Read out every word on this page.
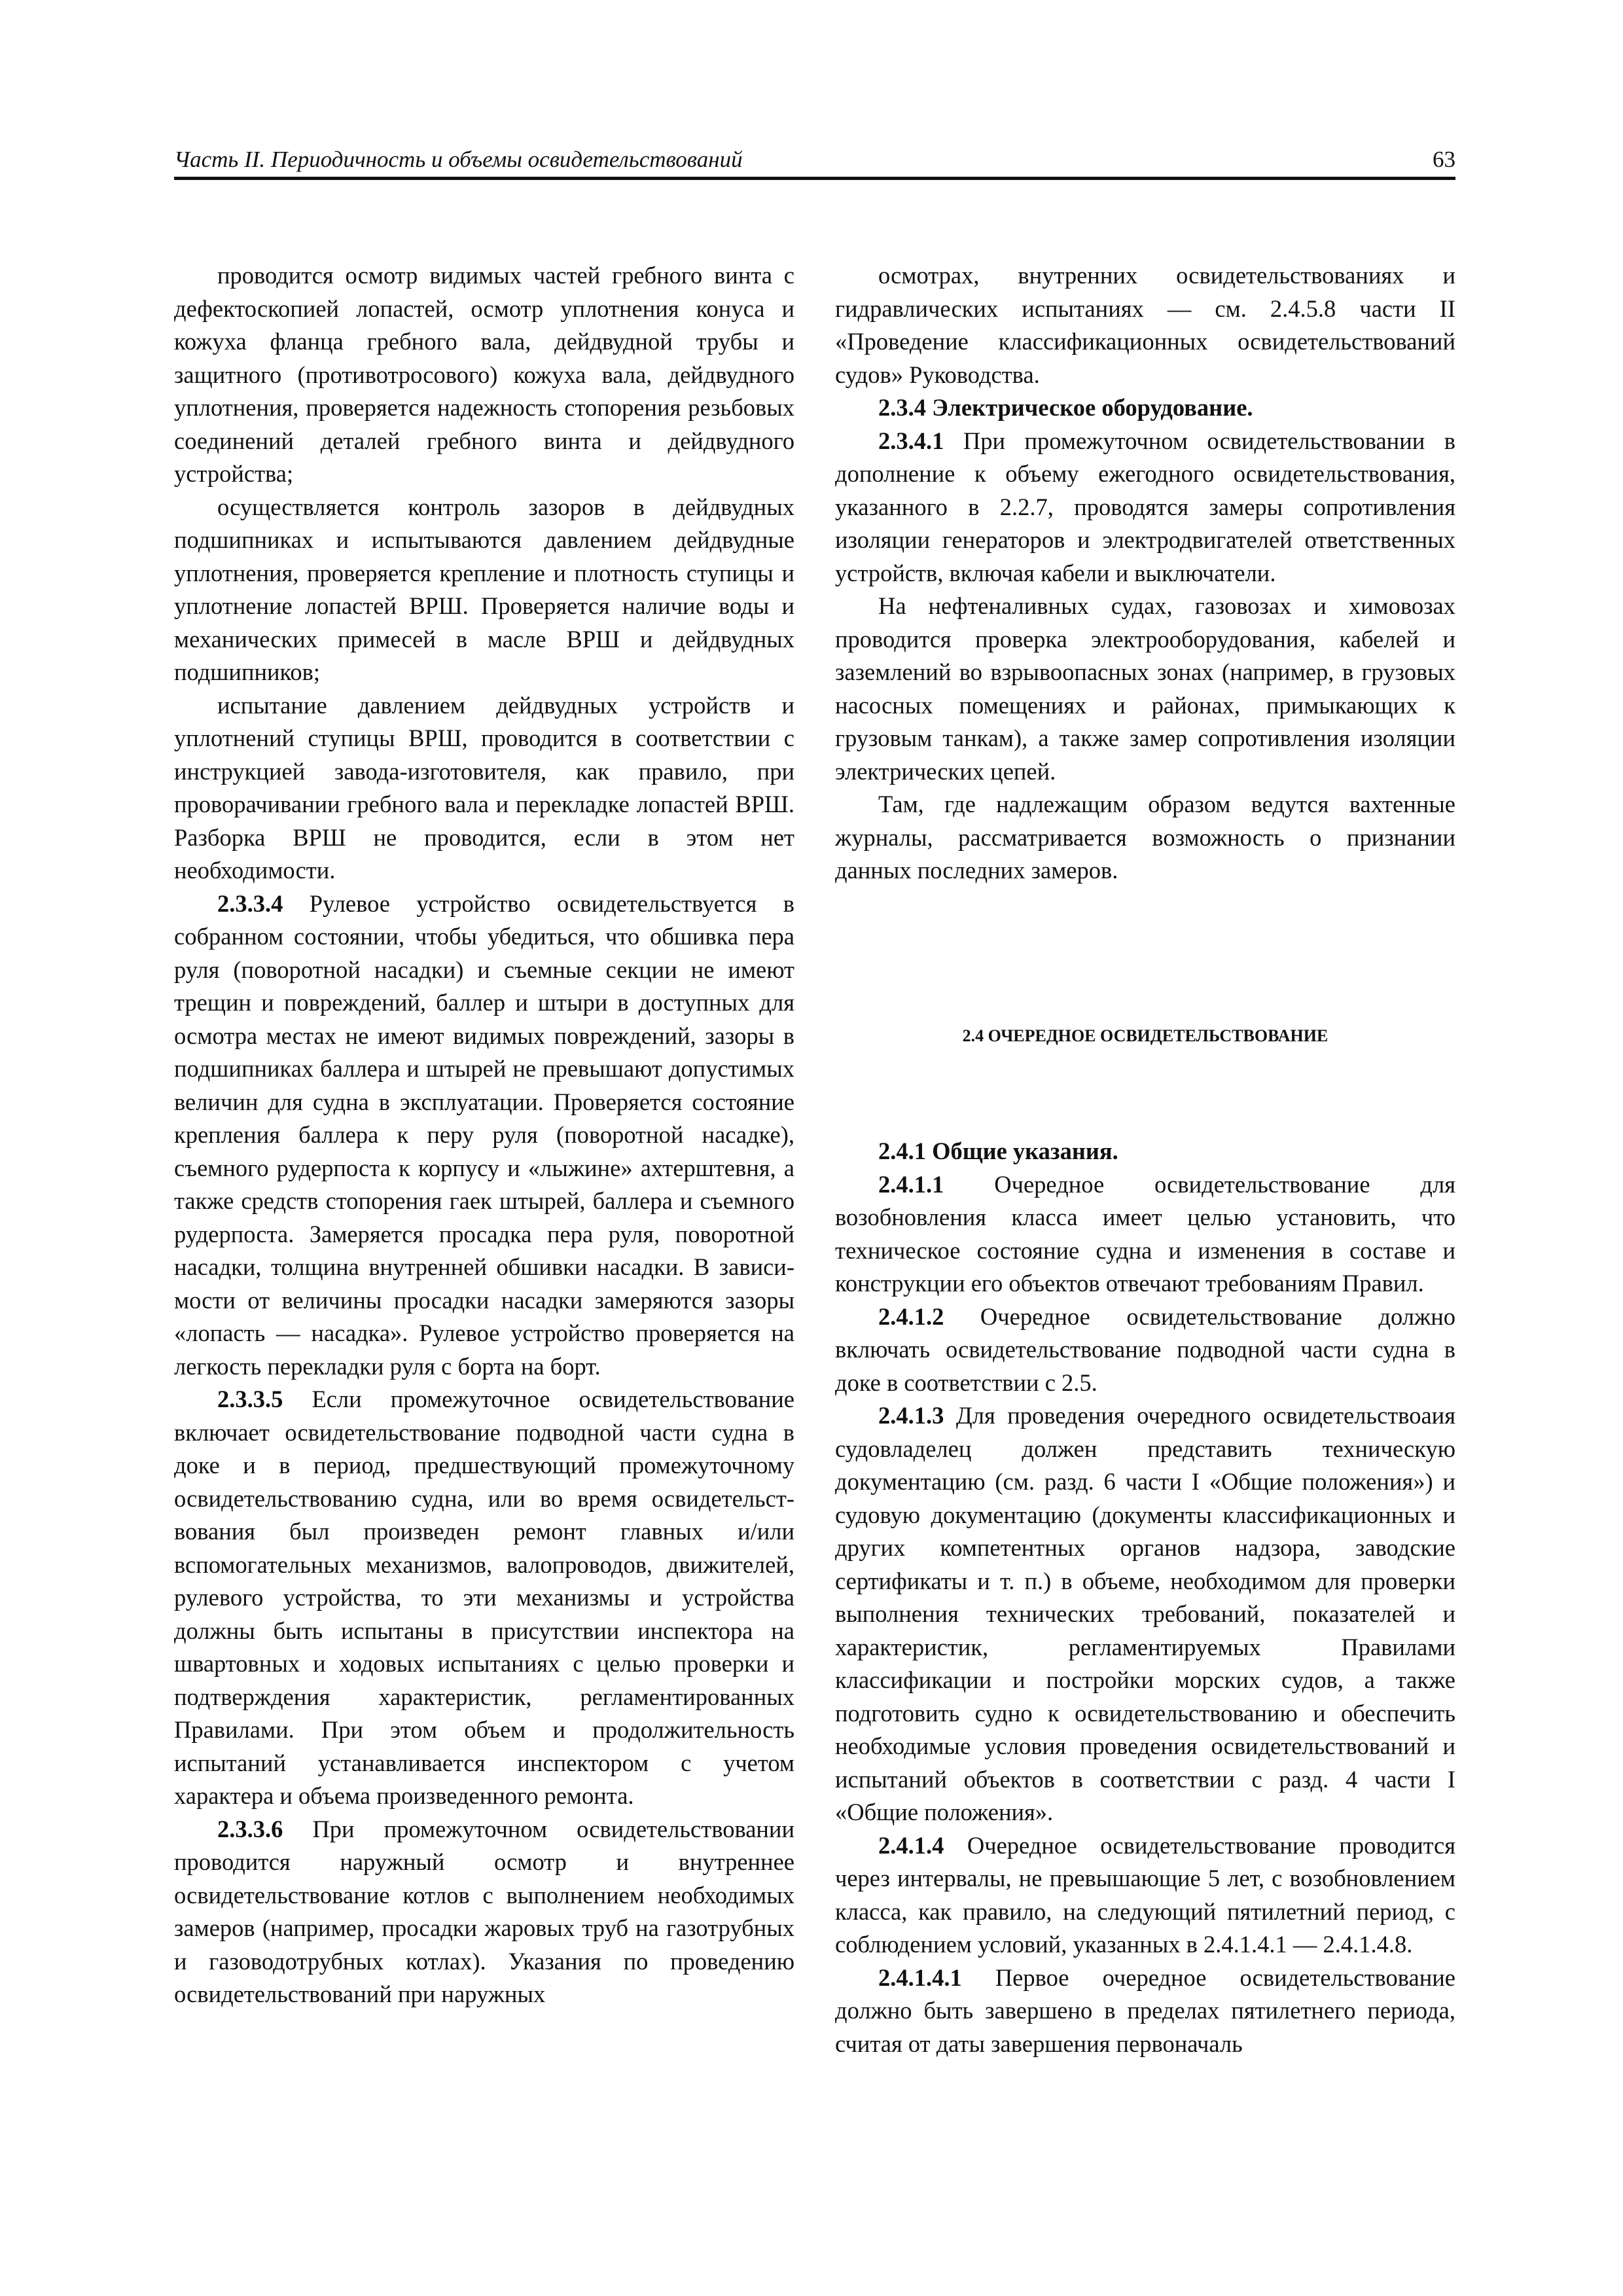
Часть II. Периодичность и объемы освидетельствований	63

проводится осмотр видимых частей гребного винта с дефектоскопией лопастей, осмотр уплотнения конуса и кожуха фланца гребного вала, дейдвудной трубы и защитного (противотросового) кожуха вала, дейдвудного уплотнения, проверяется надежность стопорения резьбовых соединений деталей гребного винта и дейдвудного устройства;

осуществляется контроль зазоров в дейдвудных подшипниках и испытываются давлением дейдвудные уплотнения, проверяется крепление и плотность ступицы и уплотнение лопастей ВРШ. Проверяется наличие воды и механических примесей в масле ВРШ и дейдвудных подшипников;

испытание давлением дейдвудных устройств и уплотнений ступицы ВРШ, проводится в соответствии с инструкцией завода-изготовителя, как правило, при проворачивании гребного вала и перекладке лопастей ВРШ. Разборка ВРШ не проводится, если в этом нет необходимости.

2.3.3.4 Рулевое устройство освидетельствуется в собранном состоянии, чтобы убедиться, что обшивка пера руля (поворотной насадки) и съемные секции не имеют трещин и повреждений, баллер и штыри в доступных для осмотра местах не имеют видимых повреждений, зазоры в подшипниках баллера и штырей не превышают допустимых величин для судна в эксплуатации. Проверяется состояние крепления баллера к перу руля (поворотной насадке), съемного рудерпоста к корпусу и «лыжине» ахтерштевня, а также средств стопорения гаек штырей, баллера и съемного рудерпоста. Замеряется просадка пера руля, поворотной насадки, толщина внутренней обшивки насадки. В зависимости от величины просадки насадки замеряются зазоры «лопасть — насадка». Рулевое устройство проверяется на легкость перекладки руля с борта на борт.

2.3.3.5 Если промежуточное освидетельствование включает освидетельствование подводной части судна в доке и в период, предшествующий промежуточному освидетельствованию судна, или во время освидетельствования был произведен ремонт главных и/или вспомогательных механизмов, валопроводов, движителей, рулевого устройства, то эти механизмы и устройства должны быть испытаны в присутствии инспектора на швартовных и ходовых испытаниях с целью проверки и подтверждения характеристик, регламентированных Правилами. При этом объем и продолжительность испытаний устанавливается инспектором с учетом характера и объема произведенного ремонта.

2.3.3.6 При промежуточном освидетельствовании проводится наружный осмотр и внутреннее освидетельствование котлов с выполнением необходимых замеров (например, просадки жаровых труб на газотрубных и газоводотрубных котлах). Указания по проведению освидетельствований при наружных

осмотрах, внутренних освидетельствованиях и гидравлических испытаниях — см. 2.4.5.8 части II «Проведение классификационных освидетельствований судов» Руководства.

2.3.4 Электрическое оборудование.

2.3.4.1 При промежуточном освидетельствовании в дополнение к объему ежегодного освидетельствования, указанного в 2.2.7, проводятся замеры сопротивления изоляции генераторов и электродвигателей ответственных устройств, включая кабели и выключатели.

На нефтеналивных судах, газовозах и химовозах проводится проверка электрооборудования, кабелей и заземлений во взрывоопасных зонах (например, в грузовых насосных помещениях и районах, примыкающих к грузовым танкам), а также замер сопротивления изоляции электрических цепей.

Там, где надлежащим образом ведутся вахтенные журналы, рассматривается возможность о признании данных последних замеров.

2.4 ОЧЕРЕДНОЕ ОСВИДЕТЕЛЬСТВОВАНИЕ
2.4.1 Общие указания.

2.4.1.1 Очередное освидетельствование для возобновления класса имеет целью установить, что техническое состояние судна и изменения в составе и конструкции его объектов отвечают требованиям Правил.

2.4.1.2 Очередное освидетельствование должно включать освидетельствование подводной части судна в доке в соответствии с 2.5.

2.4.1.3 Для проведения очередного освидетельствоаия судовладелец должен представить техническую документацию (см. разд. 6 части I «Общие положения») и судовую документацию (документы классификационных и других компетентных органов надзора, заводские сертификаты и т. п.) в объеме, необходимом для проверки выполнения технических требований, показателей и характеристик, регламентируемых Правилами классификации и постройки морских судов, а также подготовить судно к освидетельствованию и обеспечить необходимые условия проведения освидетельствований и испытаний объектов в соответствии с разд. 4 части I «Общие положения».

2.4.1.4 Очередное освидетельствование проводится через интервалы, не превышающие 5 лет, с возобновлением класса, как правило, на следующий пятилетний период, с соблюдением условий, указанных в 2.4.1.4.1 — 2.4.1.4.8.

2.4.1.4.1 Первое очередное освидетельствование должно быть завершено в пределах пятилетнего периода, считая от даты завершения первоначаль
